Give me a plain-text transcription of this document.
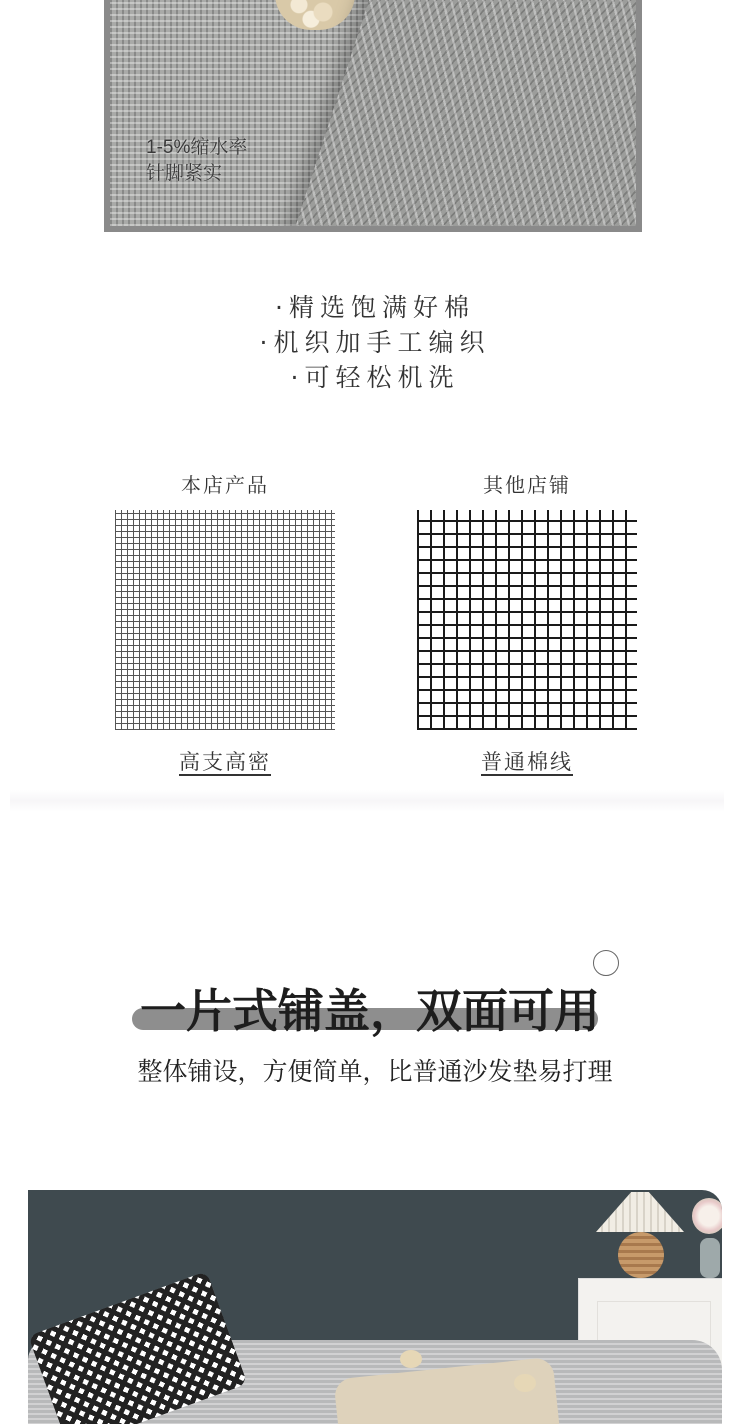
1-5%缩水率
针脚紧实
·精选饱满好棉
·机织加手工编织
·可轻松机洗
本店产品	其他店铺
高支高密	普通棉线
一片式铺盖，双面可用
整体铺设，方便简单，比普通沙发垫易打理
